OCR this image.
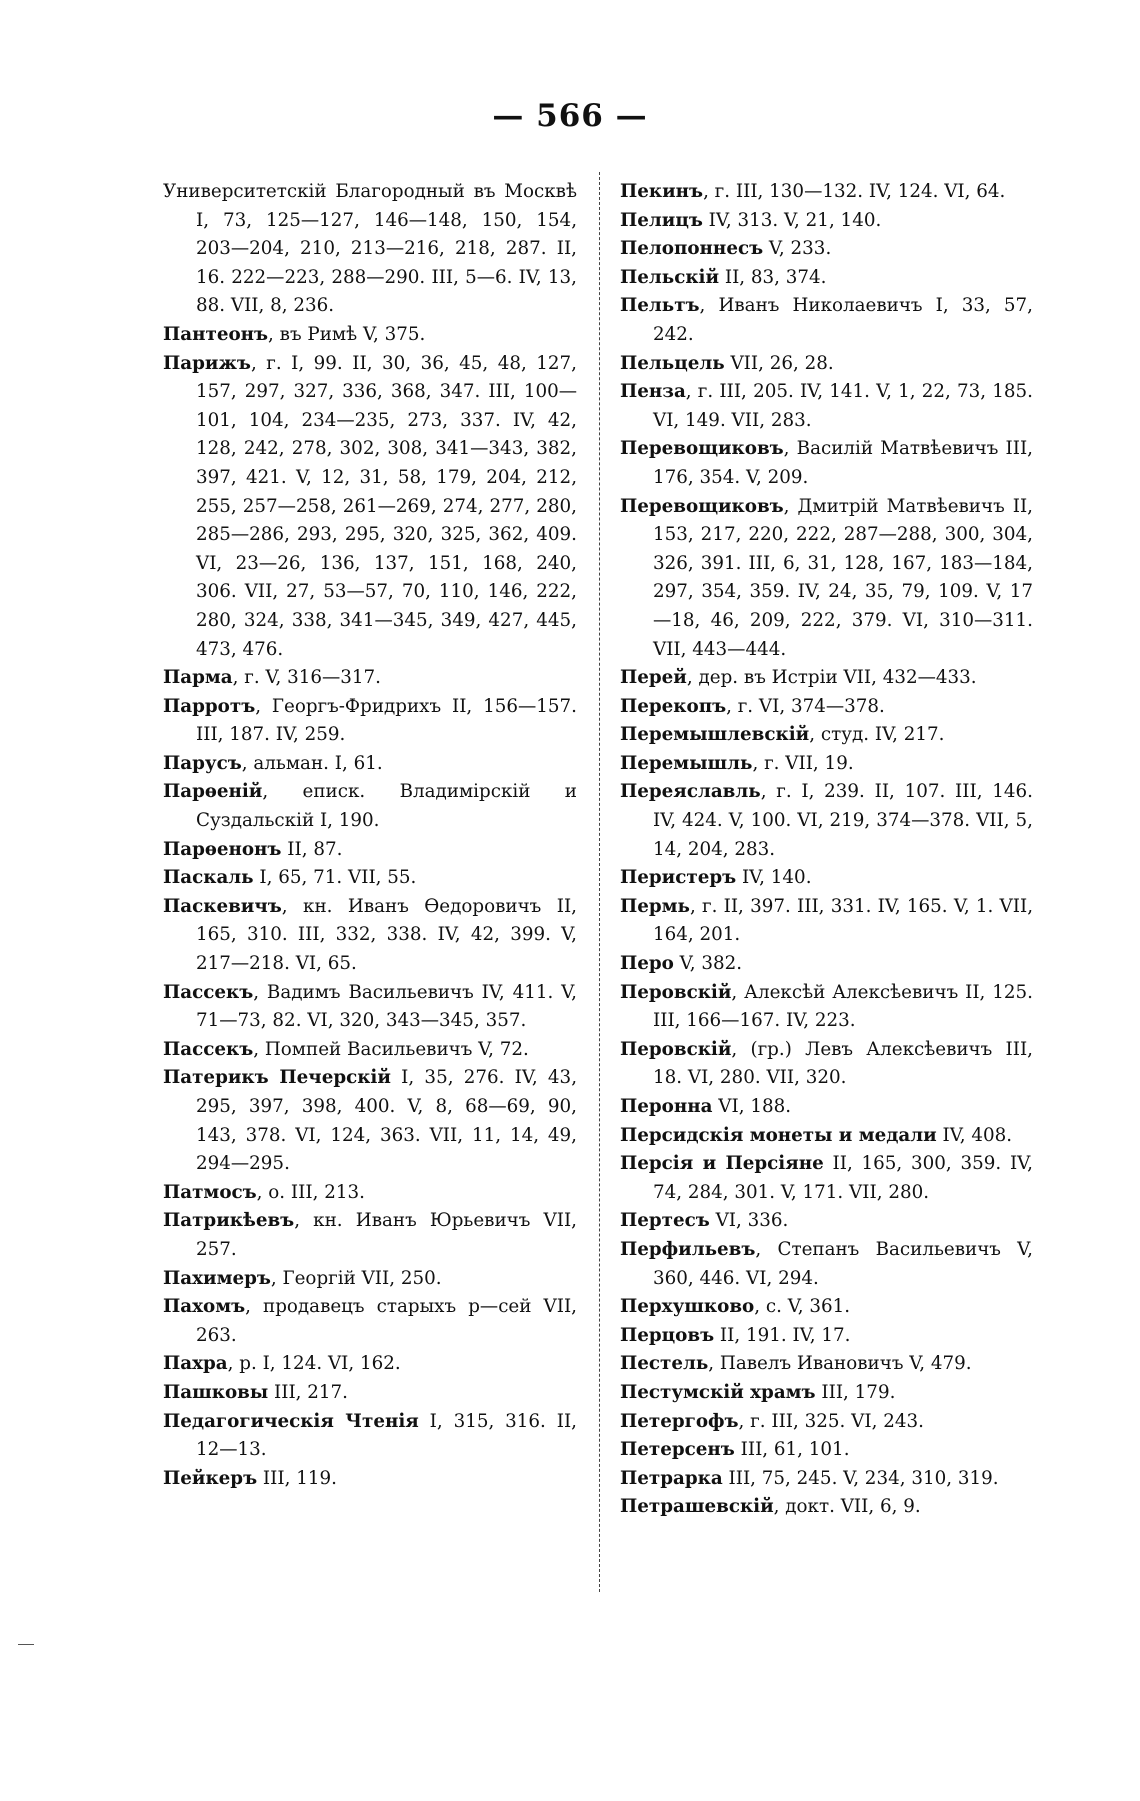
— 566 —
Университетскій Благородный въ Москвѣ I, 73, 125—127, 146—148, 150, 154, 203—204, 210, 213—216, 218, 287. II, 16. 222—223, 288—290. III, 5—6. IV, 13, 88. VII, 8, 236.
Пантеонъ, въ Римѣ V, 375.
Парижъ, г. I, 99. II, 30, 36, 45, 48, 127, 157, 297, 327, 336, 368, 347. III, 100—101, 104, 234—235, 273, 337. IV, 42, 128, 242, 278, 302, 308, 341—343, 382, 397, 421. V, 12, 31, 58, 179, 204, 212, 255, 257—258, 261—269, 274, 277, 280, 285—286, 293, 295, 320, 325, 362, 409. VI, 23—26, 136, 137, 151, 168, 240, 306. VII, 27, 53—57, 70, 110, 146, 222, 280, 324, 338, 341—345, 349, 427, 445, 473, 476.
Парма, г. V, 316—317.
Парротъ, Георгъ-Фридрихъ II, 156—157. III, 187. IV, 259.
Парусъ, альман. I, 61.
Парѳеній, епиcк. Владимірскій и Суздальскій I, 190.
Парѳенонъ II, 87.
Паскаль I, 65, 71. VII, 55.
Паскевичъ, кн. Иванъ Ѳедоровичъ II, 165, 310. III, 332, 338. IV, 42, 399. V, 217—218. VI, 65.
Пассекъ, Вадимъ Васильевичъ IV, 411. V, 71—73, 82. VI, 320, 343—345, 357.
Пассекъ, Помпей Васильевичъ V, 72.
Патерикъ Печерскій I, 35, 276. IV, 43, 295, 397, 398, 400. V, 8, 68—69, 90, 143, 378. VI, 124, 363. VII, 11, 14, 49, 294—295.
Патмосъ, о. III, 213.
Патрикѣевъ, кн. Иванъ Юрьевичъ VII, 257.
Пахимеръ, Георгій VII, 250.
Пахомъ, продавецъ старыхъ р—сей VII, 263.
Пахра, р. I, 124. VI, 162.
Пашковы III, 217.
Педагогическія Чтенія I, 315, 316. II, 12—13.
Пейкеръ III, 119.
Пекинъ, г. III, 130—132. IV, 124. VI, 64.
Пелицъ IV, 313. V, 21, 140.
Пелопоннесъ V, 233.
Пельскій II, 83, 374.
Пельтъ, Иванъ Николаевичъ I, 33, 57, 242.
Пельцель VII, 26, 28.
Пенза, г. III, 205. IV, 141. V, 1, 22, 73, 185. VI, 149. VII, 283.
Перевощиковъ, Василій Матвѣевичъ III, 176, 354. V, 209.
Перевощиковъ, Дмитрій Матвѣевичъ II, 153, 217, 220, 222, 287—288, 300, 304, 326, 391. III, 6, 31, 128, 167, 183—184, 297, 354, 359. IV, 24, 35, 79, 109. V, 17—18, 46, 209, 222, 379. VI, 310—311. VII, 443—444.
Перей, дер. въ Истріи VII, 432—433.
Перекопъ, г. VI, 374—378.
Перемышлевскій, студ. IV, 217.
Перемышль, г. VII, 19.
Переяславль, г. I, 239. II, 107. III, 146. IV, 424. V, 100. VI, 219, 374—378. VII, 5, 14, 204, 283.
Перистеръ IV, 140.
Пермь, г. II, 397. III, 331. IV, 165. V, 1. VII, 164, 201.
Перо V, 382.
Перовскій, Алексѣй Алексѣевичъ II, 125. III, 166—167. IV, 223.
Перовскій, (гр.) Левъ Алексѣевичъ III, 18. VI, 280. VII, 320.
Перонна VI, 188.
Персидскія монеты и медали IV, 408.
Персія и Персіяне II, 165, 300, 359. IV, 74, 284, 301. V, 171. VII, 280.
Пертесъ VI, 336.
Перфильевъ, Степанъ Васильевичъ V, 360, 446. VI, 294.
Перхушково, с. V, 361.
Перцовъ II, 191. IV, 17.
Пестель, Павелъ Ивановичъ V, 479.
Пестумскій храмъ III, 179.
Петергофъ, г. III, 325. VI, 243.
Петерсенъ III, 61, 101.
Петрарка III, 75, 245. V, 234, 310, 319.
Петрашевскій, докт. VII, 6, 9.
